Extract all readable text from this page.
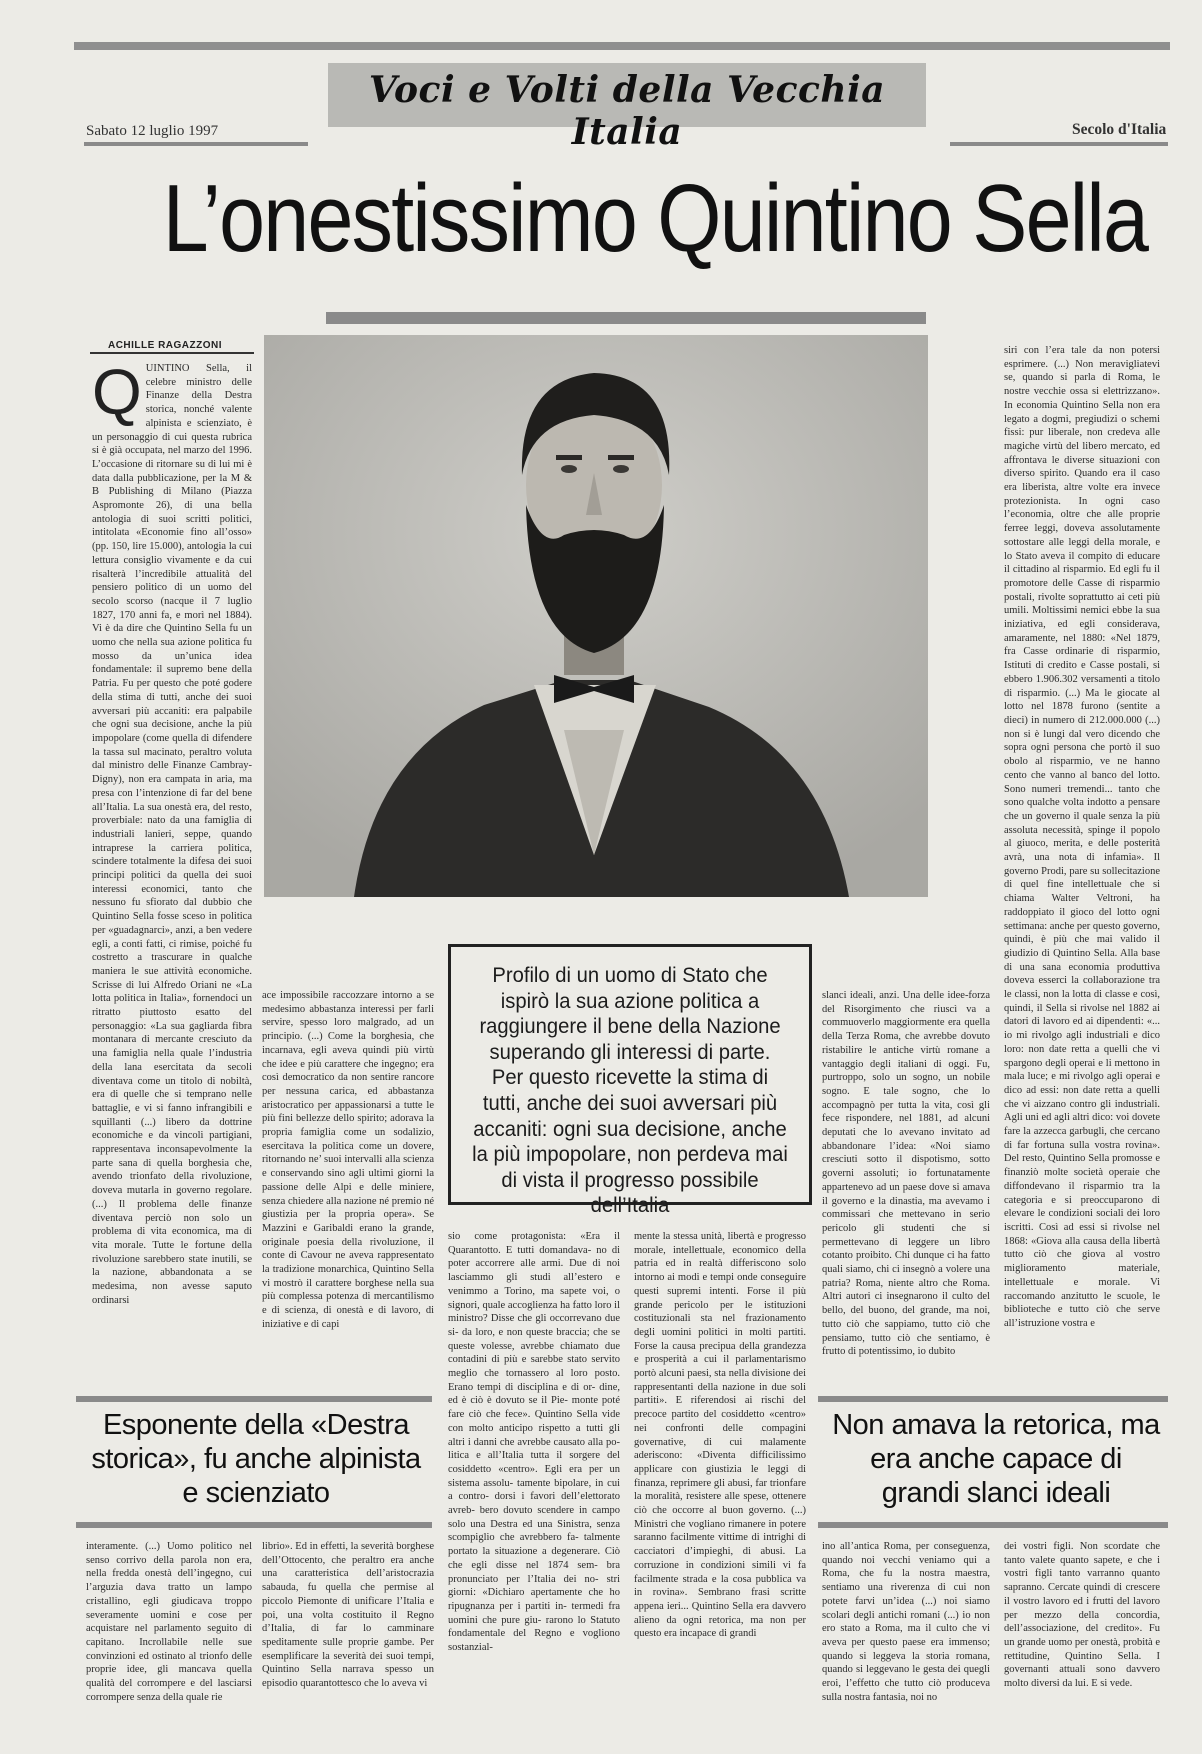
Voci e Volti della Vecchia Italia
Sabato 12 luglio 1997	Secolo d'Italia
L’onestissimo Quintino Sella
ACHILLE RAGAZZONI

QUINTINO Sella, il celebre ministro delle Finanze della Destra storica, nonché valente alpinista e scienziato, è un personaggio di cui questa rubrica si è già occupata, nel marzo del 1996. L’occasione di ritornare su di lui mi è data dalla pubblicazione, per la M & B Publishing di Milano (Piazza Aspromonte 26), di una bella antologia di suoi scritti politici, intitolata «Economie fino all’osso» (pp. 150, lire 15.000), antologia la cui lettura consiglio vivamente e da cui risalterà l’incredibile attualità del pensiero politico di un uomo del secolo scorso (nacque il 7 luglio 1827, 170 anni fa, e morì nel 1884). Vi è da dire che Quintino Sella fu un uomo che nella sua azione politica fu mosso da un’unica idea fondamentale: il supremo bene della Patria. Fu per questo che poté godere della stima di tutti, anche dei suoi avversari più accaniti: era palpabile che ogni sua decisione, anche la più impopolare (come quella di difendere la tassa sul macinato, peraltro voluta dal ministro delle Finanze Cambray-Digny), non era campata in aria, ma presa con l’intenzione di far del bene all’Italia. La sua onestà era, del resto, proverbiale: nato da una famiglia di industriali lanieri, seppe, quando intraprese la carriera politica, scindere totalmente la difesa dei suoi principi politici da quella dei suoi interessi economici, tanto che nessuno fu sfiorato dal dubbio che Quintino Sella fosse sceso in politica per «guadagnarci», anzi, a ben vedere egli, a conti fatti, ci rimise, poiché fu costretto a trascurare in qualche maniera le sue attività economiche. Scrisse di lui Alfredo Oriani ne «La lotta politica in Italia», fornendoci un ritratto piuttosto esatto del personaggio: «La sua gagliarda fibra montanara di mercante cresciuto da una famiglia nella quale l’industria della lana esercitata da secoli diventava come un titolo di nobiltà, era di quelle che si temprano nelle battaglie, e vi si fanno infrangibili e squillanti (...) libero da dottrine economiche e da vincoli partigiani, rappresentava inconsapevolmente la parte sana di quella borghesia che, avendo trionfato della rivoluzione, doveva mutarla in governo regolare. (...) Il problema delle finanze diventava perciò non solo un problema di vita economica, ma di vita morale. Tutte le fortune della rivoluzione sarebbero state inutili, se la nazione, abbandonata a se medesima, non avesse saputo ordinarsi

ace impossibile raccozzare intorno a se medesimo abbastanza interessi per farli servire, spesso loro malgrado, ad un principio. (...) Come la borghesia, che incarnava, egli aveva quindi più virtù che idee e più carattere che ingegno; era così democratico da non sentire rancore per nessuna carica, ed abbastanza aristocratico per appassionarsi a tutte le più fini bellezze dello spirito; adorava la propria famiglia come un sodalizio, esercitava la politica come un dovere, ritornando ne’ suoi intervalli alla scienza e conservando sino agli ultimi giorni la passione delle Alpi e delle miniere, senza chiedere alla nazione né premio né giustizia per la propria opera». Se Mazzini e Garibaldi erano la grande, originale poesia della rivoluzione, il conte di Cavour ne aveva rappresentato la tradizione monarchica, Quintino Sella vi mostrò il carattere borghese nella sua più complessa potenza di mercantilismo e di scienza, di onestà e di lavoro, di iniziative e di capi

sio come protagonista: «Era il Quarantotto. E tutti domandava- no di poter accorrere alle armi. Due di noi lasciammo gli studi all’estero e venimmo a Torino, ma sapete voi, o signori, quale accoglienza ha fatto loro il ministro? Disse che gli occorrevano due si- da loro, e non queste braccia; che se queste volesse, avrebbe chiamato due contadini di più e sarebbe stato servito meglio che tornassero al loro posto. Erano tempi di disciplina e di or- dine, ed è ciò è dovuto se il Pie- monte poté fare ciò che fece». Quintino Sella vide con molto anticipo rispetto a tutti gli altri i danni che avrebbe causato alla po- litica e all’Italia tutta il sorgere del cosiddetto «centro». Egli era per un sistema assolu- tamente bipolare, in cui a contro- dorsi i favori dell’elettorato avreb- bero dovuto scendere in campo solo una Destra ed una Sinistra, senza scompiglio che avrebbero fa- talmente portato la situazione a degenerare. Ciò che egli disse nel 1874 sem- bra pronunciato per l’Italia dei no- stri giorni: «Dichiaro apertamente che ho ripugnanza per i partiti in- termedi fra uomini che pure giu- rarono lo Statuto fondamentale del Regno e vogliono sostanzial-

mente la stessa unità, libertà e progresso morale, intellettuale, economico della patria ed in realtà differiscono solo intorno ai modi e tempi onde conseguire questi supremi intenti. Forse il più grande pericolo per le istituzioni costituzionali sta nel frazionamento degli uomini politici in molti partiti. Forse la causa precipua della grandezza e prosperità a cui il parlamentarismo portò alcuni paesi, sta nella divisione dei rappresentanti della nazione in due soli partiti». E riferendosi ai rischi del precoce partito del cosiddetto «centro» nei confronti delle compagini governative, di cui malamente aderiscono: «Diventa difficilissimo applicare con giustizia le leggi di finanza, reprimere gli abusi, far trionfare la moralità, resistere alle spese, ottenere ciò che occorre al buon governo. (...) Ministri che vogliano rimanere in potere saranno facilmente vittime di intrighi di cacciatori d’impieghi, di abusi. La corruzione in condizioni simili vi fa facilmente strada e la cosa pubblica va in rovina». Sembrano frasi scritte appena ieri... Quintino Sella era davvero alieno da ogni retorica, ma non per questo era incapace di grandi

slanci ideali, anzi. Una delle idee-forza del Risorgimento che riuscì va a commuoverlo maggiormente era quella della Terza Roma, che avrebbe dovuto ristabilire le antiche virtù romane a vantaggio degli italiani di oggi. Fu, purtroppo, solo un sogno, un nobile sogno. E tale sogno, che lo accompagnò per tutta la vita, così gli fece rispondere, nel 1881, ad alcuni deputati che lo avevano invitato ad abbandonare l’idea: «Noi siamo cresciuti sotto il dispotismo, sotto governi assoluti; io fortunatamente appartenevo ad un paese dove si amava il governo e la dinastia, ma avevamo i commissari che mettevano in serio pericolo gli studenti che si permettevano di leggere un libro cotanto proibito. Chi dunque ci ha fatto quali siamo, chi ci insegnò a volere una patria? Roma, niente altro che Roma. Altri autori ci insegnarono il culto del bello, del buono, del grande, ma noi, tutto ciò che sappiamo, tutto ciò che pensiamo, tutto ciò che sentiamo, è frutto di potentissimo, io dubito

siri con l’era tale da non potersi esprimere. (...) Non meravigliatevi se, quando si parla di Roma, le nostre vecchie ossa si elettrizzano». In economia Quintino Sella non era legato a dogmi, pregiudizi o schemi fissi: pur liberale, non credeva alle magiche virtù del libero mercato, ed affrontava le diverse situazioni con diverso spirito. Quando era il caso era liberista, altre volte era invece protezionista. In ogni caso l’economia, oltre che alle proprie ferree leggi, doveva assolutamente sottostare alle leggi della morale, e lo Stato aveva il compito di educare il cittadino al risparmio. Ed egli fu il promotore delle Casse di risparmio postali, rivolte soprattutto ai ceti più umili. Moltissimi nemici ebbe la sua iniziativa, ed egli considerava, amaramente, nel 1880: «Nel 1879, fra Casse ordinarie di risparmio, Istituti di credito e Casse postali, si ebbero 1.906.302 versamenti a titolo di risparmio. (...) Ma le giocate al lotto nel 1878 furono (sentite a dieci) in numero di 212.000.000 (...) non si è lungi dal vero dicendo che sopra ogni persona che portò il suo obolo al risparmio, ve ne hanno cento che vanno al banco del lotto. Sono numeri tremendi... tanto che sono qualche volta indotto a pensare che un governo il quale senza la più assoluta necessità, spinge il popolo al giuoco, merita, e delle posterità avrà, una nota di infamia». Il governo Prodi, pare su sollecitazione di quel fine intellettuale che si chiama Walter Veltroni, ha raddoppiato il gioco del lotto ogni settimana: anche per questo governo, quindi, è più che mai valido il giudizio di Quintino Sella. Alla base di una sana economia produttiva doveva esserci la collaborazione tra le classi, non la lotta di classe e così, quindi, il Sella si rivolse nel 1882 ai datori di lavoro ed ai dipendenti: «... io mi rivolgo agli industriali e dico loro: non date retta a quelli che vi spargono degli operai e li mettono in mala luce; e mi rivolgo agli operai e dico ad essi: non date retta a quelli che vi aizzano contro gli industriali. Agli uni ed agli altri dico: voi dovete fare la azzecca garbugli, che cercano di far fortuna sulla vostra rovina». Del resto, Quintino Sella promosse e finanziò molte società operaie che diffondevano il risparmio tra la categoria e si preoccuparono di elevare le condizioni sociali dei loro iscritti. Così ad essi si rivolse nel 1868: «Giova alla causa della libertà tutto ciò che giova al vostro miglioramento materiale, intellettuale e morale. Vi raccomando anzitutto le scuole, le biblioteche e tutto ciò che serve all’istruzione vostra e

Profilo di un uomo di Stato che ispirò la sua azione politica a raggiungere il bene della Nazione superando gli interessi di parte. Per questo ricevette la stima di tutti, anche dei suoi avversari più accaniti: ogni sua decisione, anche la più impopolare, non perdeva mai di vista il progresso possibile dell’Italia

Esponente della «Destra storica», fu anche alpinista e scienziato
Non amava la retorica, ma era anche capace di grandi slanci ideali

interamente. (...) Uomo politico nel senso corrivo della parola non era, nella fredda onestà dell’ingegno, cui l’arguzia dava tratto un lampo cristallino, egli giudicava troppo severamente uomini e cose per acquistare nel parlamento seguito di capitano. Incrollabile nelle sue convinzioni ed ostinato al trionfo delle proprie idee, gli mancava quella qualità del corrompere e del lasciarsi corrompere senza della quale rie

librio». Ed in effetti, la severità borghese dell’Ottocento, che peraltro era anche una caratteristica dell’aristocrazia sabauda, fu quella che permise al piccolo Piemonte di unificare l’Italia e poi, una volta costituito il Regno d’Italia, di far lo camminare speditamente sulle proprie gambe. Per esemplificare la severità dei suoi tempi, Quintino Sella narrava spesso un episodio quarantottesco che lo aveva vi

ino all’antica Roma, per conseguenza, quando noi vecchi veniamo qui a Roma, che fu la nostra maestra, sentiamo una riverenza di cui non potete farvi un’idea (...) noi siamo scolari degli antichi romani (...) io non ero stato a Roma, ma il culto che vi aveva per questo paese era immenso; quando si leggeva la storia romana, quando si leggevano le gesta dei quegli eroi, l’effetto che tutto ciò produceva sulla nostra fantasia, noi no

dei vostri figli. Non scordate che tanto valete quanto sapete, e che i vostri figli tanto varranno quanto sapranno. Cercate quindi di crescere il vostro lavoro ed i frutti del lavoro per mezzo della concordia, dell’associazione, del credito». Fu un grande uomo per onestà, probità e rettitudine, Quintino Sella. I governanti attuali sono davvero molto diversi da lui. E si vede.
